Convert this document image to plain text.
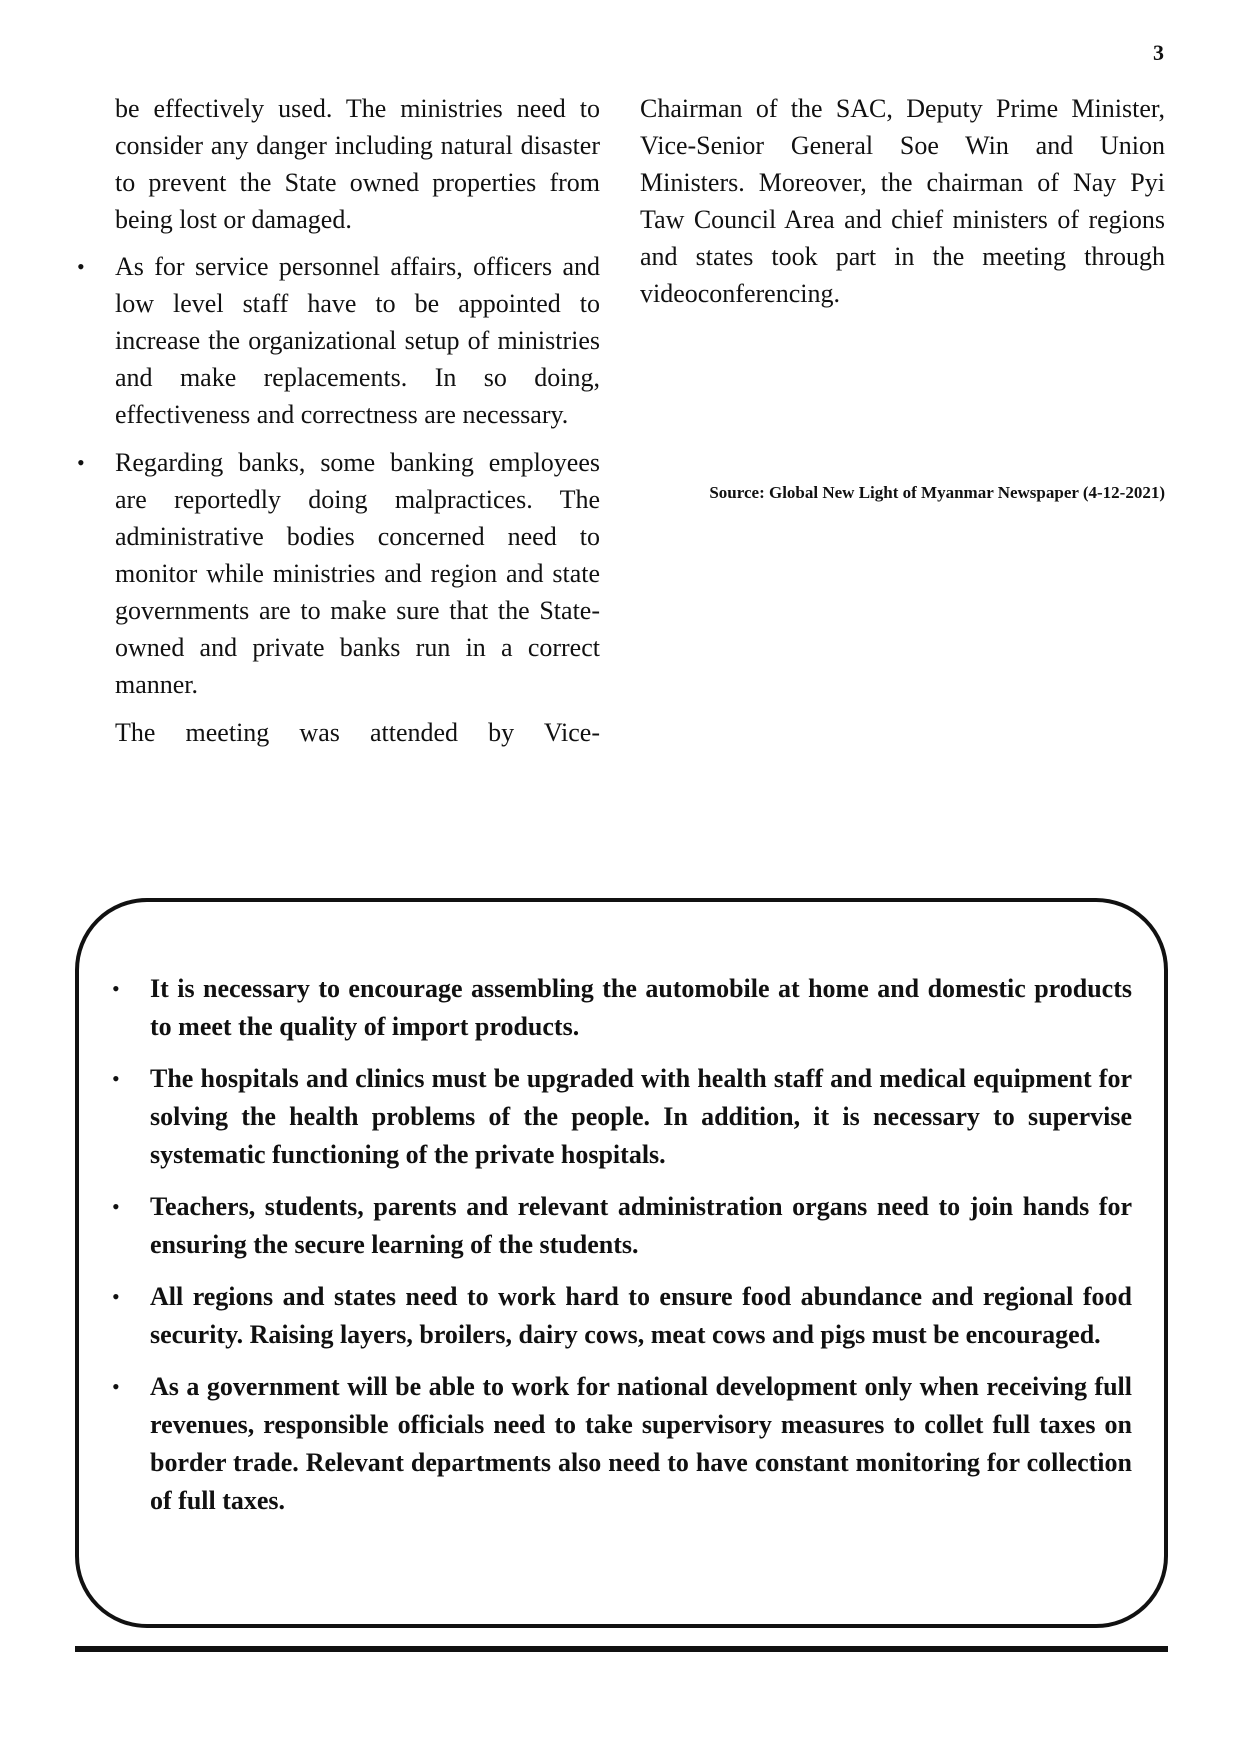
3

be effectively used. The ministries need to consider any danger including natural disaster to prevent the State owned properties from being lost or damaged.

• As for service personnel affairs, officers and low level staff have to be appointed to increase the organizational setup of ministries and make replacements. In so doing, effectiveness and correctness are necessary.
• Regarding banks, some banking employees are reportedly doing malpractices. The administrative bodies concerned need to monitor while ministries and region and state governments are to make sure that the State-owned and private banks run in a correct manner.

The meeting was attended by Vice-

Chairman of the SAC, Deputy Prime Minister, Vice-Senior General Soe Win and Union Ministers. Moreover, the chairman of Nay Pyi Taw Council Area and chief ministers of regions and states took part in the meeting through videoconferencing.

Source: Global New Light of Myanmar Newspaper (4-12-2021)
• It is necessary to encourage assembling the automobile at home and domestic products to meet the quality of import products.
• The hospitals and clinics must be upgraded with health staff and medical equipment for solving the health problems of the people. In addition, it is necessary to supervise systematic functioning of the private hospitals.
• Teachers, students, parents and relevant administration organs need to join hands for ensuring the secure learning of the students.
• All regions and states need to work hard to ensure food abundance and regional food security. Raising layers, broilers, dairy cows, meat cows and pigs must be encouraged.
• As a government will be able to work for national development only when receiving full revenues, responsible officials need to take supervisory measures to collet full taxes on border trade. Relevant departments also need to have constant monitoring for collection of full taxes.
